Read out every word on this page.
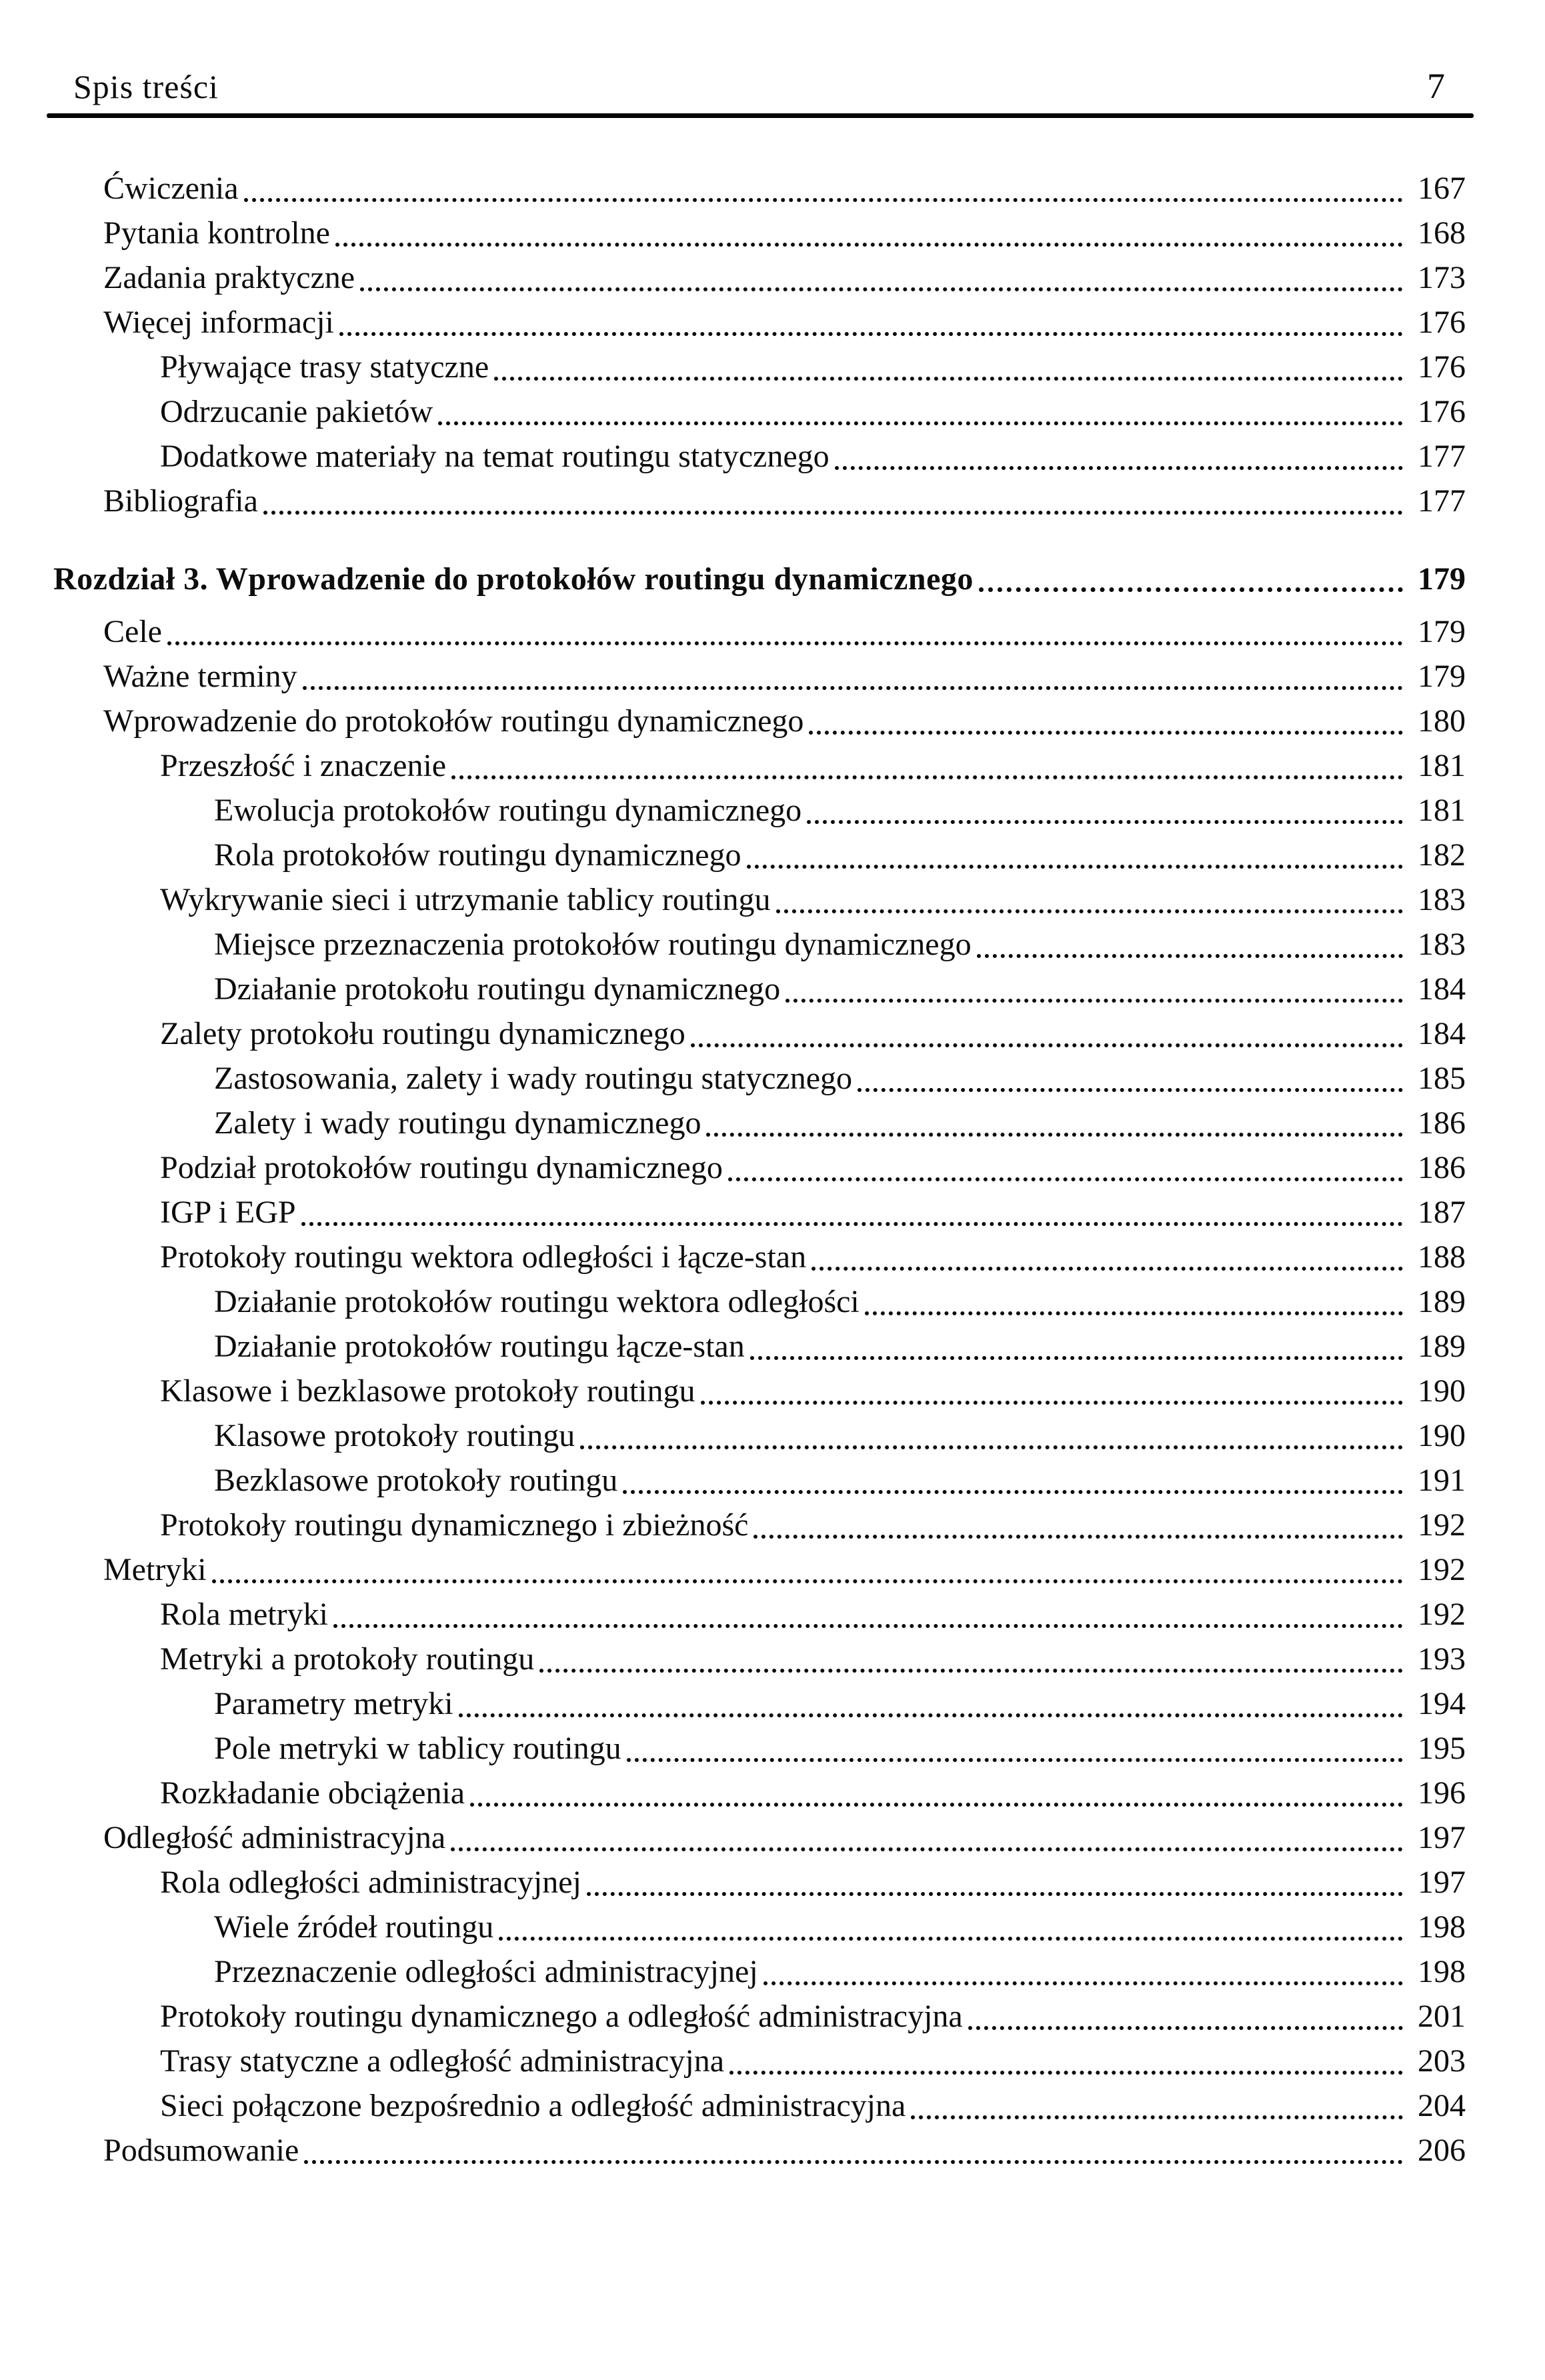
Spis treści	7
Ćwiczenia	167
Pytania kontrolne	168
Zadania praktyczne	173
Więcej informacji	176
Pływające trasy statyczne	176
Odrzucanie pakietów	176
Dodatkowe materiały na temat routingu statycznego	177
Bibliografia	177
Rozdział 3. Wprowadzenie do protokołów routingu dynamicznego	179
Cele	179
Ważne terminy	179
Wprowadzenie do protokołów routingu dynamicznego	180
Przeszłość i znaczenie	181
Ewolucja protokołów routingu dynamicznego	181
Rola protokołów routingu dynamicznego	182
Wykrywanie sieci i utrzymanie tablicy routingu	183
Miejsce przeznaczenia protokołów routingu dynamicznego	183
Działanie protokołu routingu dynamicznego	184
Zalety protokołu routingu dynamicznego	184
Zastosowania, zalety i wady routingu statycznego	185
Zalety i wady routingu dynamicznego	186
Podział protokołów routingu dynamicznego	186
IGP i EGP	187
Protokoły routingu wektora odległości i łącze-stan	188
Działanie protokołów routingu wektora odległości	189
Działanie protokołów routingu łącze-stan	189
Klasowe i bezklasowe protokoły routingu	190
Klasowe protokoły routingu	190
Bezklasowe protokoły routingu	191
Protokoły routingu dynamicznego i zbieżność	192
Metryki	192
Rola metryki	192
Metryki a protokoły routingu	193
Parametry metryki	194
Pole metryki w tablicy routingu	195
Rozkładanie obciążenia	196
Odległość administracyjna	197
Rola odległości administracyjnej	197
Wiele źródeł routingu	198
Przeznaczenie odległości administracyjnej	198
Protokoły routingu dynamicznego a odległość administracyjna	201
Trasy statyczne a odległość administracyjna	203
Sieci połączone bezpośrednio a odległość administracyjna	204
Podsumowanie	206
